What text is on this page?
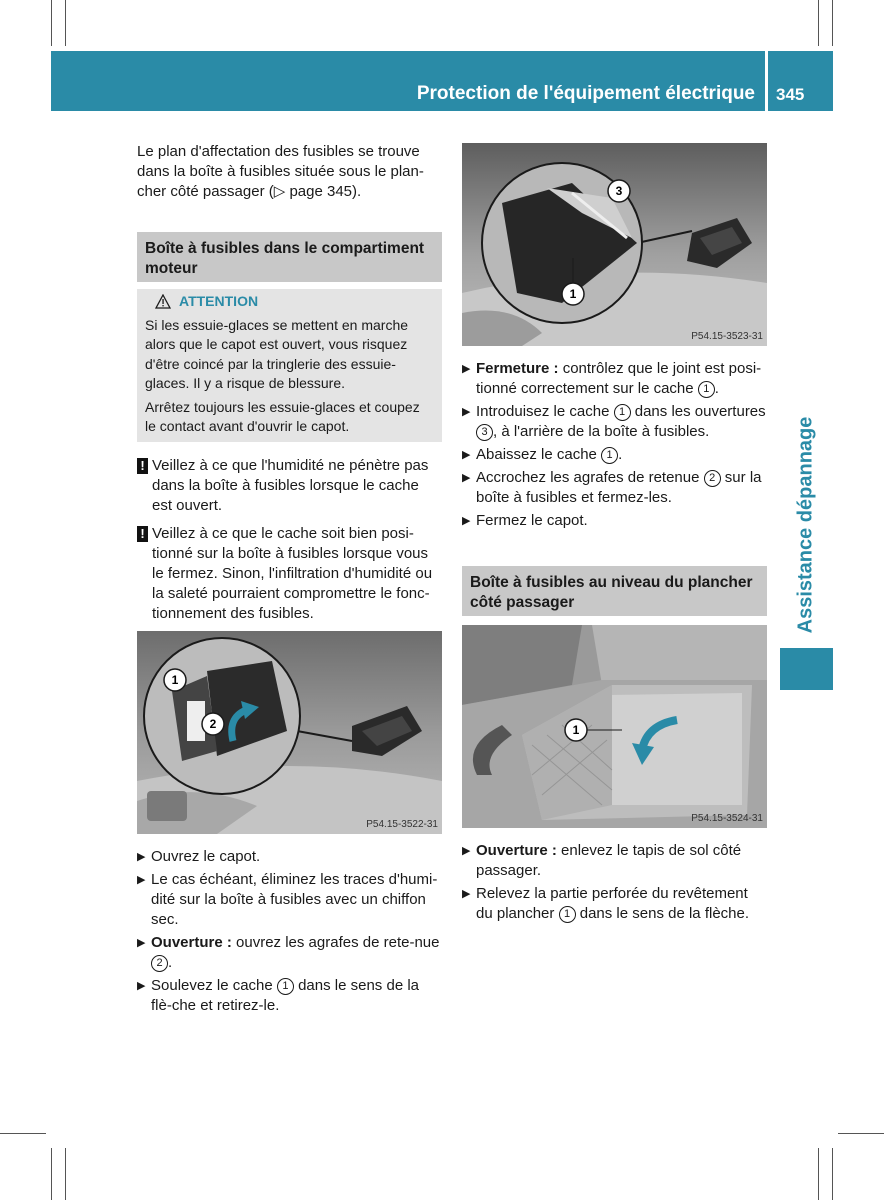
Protection de l'équipement électrique 345
Assistance dépannage
Le plan d'affectation des fusibles se trouve dans la boîte à fusibles située sous le plan-cher côté passager (▷ page 345).
Boîte à fusibles dans le compartiment moteur
ATTENTION

Si les essuie-glaces se mettent en marche alors que le capot est ouvert, vous risquez d'être coincé par la tringlerie des essuie-glaces. Il y a risque de blessure.

Arrêtez toujours les essuie-glaces et coupez le contact avant d'ouvrir le capot.

! Veillez à ce que l'humidité ne pénètre pas dans la boîte à fusibles lorsque le cache est ouvert.
! Veillez à ce que le cache soit bien posi-tionné sur la boîte à fusibles lorsque vous le fermez. Sinon, l'infiltration d'humidité ou la saleté pourraient compromettre le fonc-tionnement des fusibles.
1
2
P54.15-3522-31
▶ Ouvrez le capot.
▶ Le cas échéant, éliminez les traces d'humi-dité sur la boîte à fusibles avec un chiffon sec.
▶ Ouverture : ouvrez les agrafes de rete-nue 2 .
▶ Soulevez le cache 1 dans le sens de la flè-che et retirez-le.
3
1
P54.15-3523-31
▶ Fermeture : contrôlez que le joint est posi-tionné correctement sur le cache 1 .
▶ Introduisez le cache 1 dans les ouvertures 3 , à l'arrière de la boîte à fusibles.
▶ Abaissez le cache 1 .
▶ Accrochez les agrafes de retenue 2 sur la boîte à fusibles et fermez-les.
▶ Fermez le capot.
Boîte à fusibles au niveau du plancher côté passager
1
P54.15-3524-31
▶ Ouverture : enlevez le tapis de sol côté passager.
▶ Relevez la partie perforée du revêtement du plancher 1 dans le sens de la flèche.
